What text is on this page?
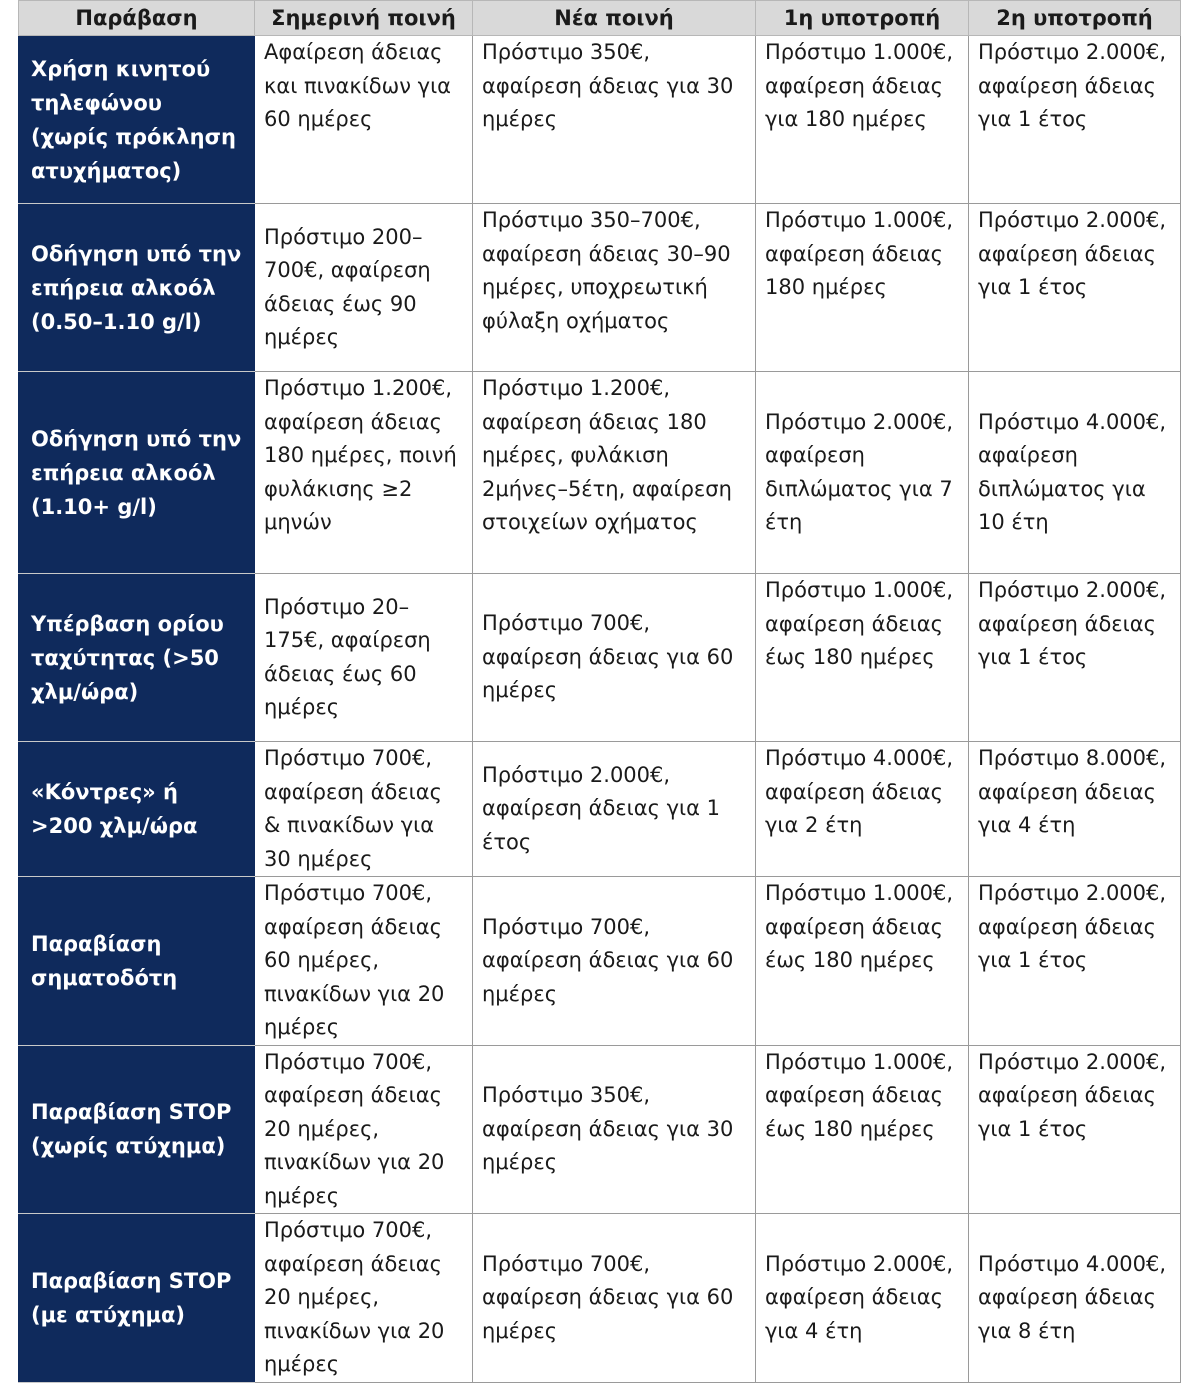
Παράβαση	Σημερινή ποινή	Νέα ποινή	1η υποτροπή	2η υποτροπή
Χρήση κινητού τηλεφώνου (χωρίς πρόκληση ατυχήματος)	Αφαίρεση άδειας και πινακίδων για 60 ημέρες	Πρόστιμο 350€, αφαίρεση άδειας για 30 ημέρες	Πρόστιμο 1.000€, αφαίρεση άδειας για 180 ημέρες	Πρόστιμο 2.000€, αφαίρεση άδειας για 1 έτος
Οδήγηση υπό την επήρεια αλκοόλ (0.50–1.10 g/l)	Πρόστιμο 200–700€, αφαίρεση άδειας έως 90 ημέρες	Πρόστιμο 350–700€, αφαίρεση άδειας 30–90 ημέρες, υποχρεωτική φύλαξη οχήματος	Πρόστιμο 1.000€, αφαίρεση άδειας 180 ημέρες	Πρόστιμο 2.000€, αφαίρεση άδειας για 1 έτος
Οδήγηση υπό την επήρεια αλκοόλ (1.10+ g/l)	Πρόστιμο 1.200€, αφαίρεση άδειας 180 ημέρες, ποινή φυλάκισης ≥2 μηνών	Πρόστιμο 1.200€, αφαίρεση άδειας 180 ημέρες, φυλάκιση 2μήνες–5έτη, αφαίρεση στοιχείων οχήματος	Πρόστιμο 2.000€, αφαίρεση διπλώματος για 7 έτη	Πρόστιμο 4.000€, αφαίρεση διπλώματος για 10 έτη
Υπέρβαση ορίου ταχύτητας (>50 χλμ/ώρα)	Πρόστιμο 20–175€, αφαίρεση άδειας έως 60 ημέρες	Πρόστιμο 700€, αφαίρεση άδειας για 60 ημέρες	Πρόστιμο 1.000€, αφαίρεση άδειας έως 180 ημέρες	Πρόστιμο 2.000€, αφαίρεση άδειας για 1 έτος
«Κόντρες» ή >200 χλμ/ώρα	Πρόστιμο 700€, αφαίρεση άδειας & πινακίδων για 30 ημέρες	Πρόστιμο 2.000€, αφαίρεση άδειας για 1 έτος	Πρόστιμο 4.000€, αφαίρεση άδειας για 2 έτη	Πρόστιμο 8.000€, αφαίρεση άδειας για 4 έτη
Παραβίαση σηματοδότη	Πρόστιμο 700€, αφαίρεση άδειας 60 ημέρες, πινακίδων για 20 ημέρες	Πρόστιμο 700€, αφαίρεση άδειας για 60 ημέρες	Πρόστιμο 1.000€, αφαίρεση άδειας έως 180 ημέρες	Πρόστιμο 2.000€, αφαίρεση άδειας για 1 έτος
Παραβίαση STOP (χωρίς ατύχημα)	Πρόστιμο 700€, αφαίρεση άδειας 20 ημέρες, πινακίδων για 20 ημέρες	Πρόστιμο 350€, αφαίρεση άδειας για 30 ημέρες	Πρόστιμο 1.000€, αφαίρεση άδειας έως 180 ημέρες	Πρόστιμο 2.000€, αφαίρεση άδειας για 1 έτος
Παραβίαση STOP (με ατύχημα)	Πρόστιμο 700€, αφαίρεση άδειας 20 ημέρες, πινακίδων για 20 ημέρες	Πρόστιμο 700€, αφαίρεση άδειας για 60 ημέρες	Πρόστιμο 2.000€, αφαίρεση άδειας για 4 έτη	Πρόστιμο 4.000€, αφαίρεση άδειας για 8 έτη
